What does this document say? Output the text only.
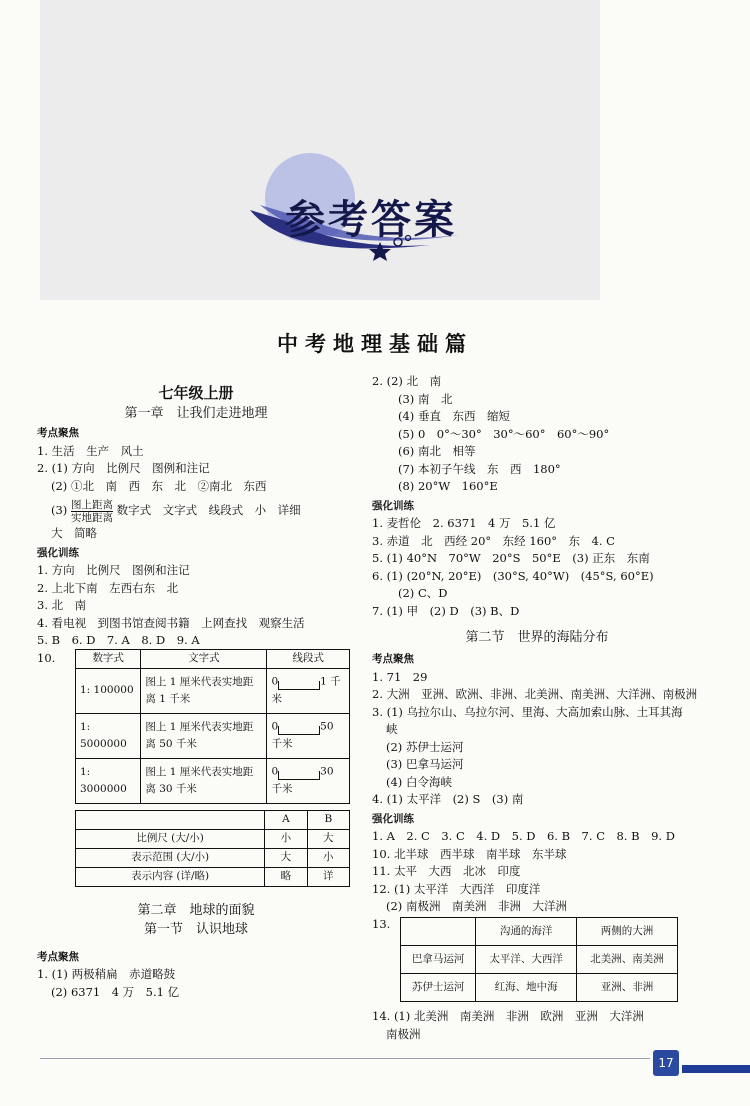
参考答案
中考地理基础篇
七年级上册
第一章　让我们走进地理
考点聚焦
1. 生活　生产　风土
2. (1) 方向　比例尺　图例和注记
(2) ①北　南　西　东　北　②南北　东西
$(3) \frac{\text{图上距离}}{\text{实地距离}}$ 数字式　文字式　线段式　小　详细
大　简略
强化训练
1. 方向　比例尺　图例和注记
2. 上北下南　左西右东　北
3. 北　南
4. 看电视　到图书馆查阅书籍　上网查找　观察生活
5. B　6. D　7. A　8. D　9. A
10.	数字式	文字式	线段式
1: 100000	图上 1 厘米代表实地距离 1 千米	0 1 千米
1: 5000000	图上 1 厘米代表实地距离 50 千米	0 50 千米
1: 3000000	图上 1 厘米代表实地距离 30 千米	0 30 千米
	A	B
比例尺 (大/小)	小	大
表示范围 (大/小)	大	小
表示内容 (详/略)	略	详
第二章　地球的面貌
第一节　认识地球
考点聚焦
1. (1) 两极稍扁　赤道略鼓
(2) 6371　4 万　5.1 亿
2. (2) 北　南
(3) 南　北
(4) 垂直　东西　缩短
(5) 0　0°～30°　30°～60°　60°～90°
(6) 南北　相等
(7) 本初子午线　东　西　180°
(8) 20°W　160°E
强化训练
1. 麦哲伦　2. 6371　4 万　5.1 亿
3. 赤道　北　西经 20°　东经 160°　东　4. C
5. (1) 40°N　70°W　20°S　50°E　(3) 正东　东南
6. (1) (20°N, 20°E)　(30°S, 40°W)　(45°S, 60°E)
(2) C、D
7. (1) 甲　(2) D　(3) B、D
第二节　世界的海陆分布
考点聚焦
1. 71　29
2. 大洲　亚洲、欧洲、非洲、北美洲、南美洲、大洋洲、南极洲
3. (1) 乌拉尔山、乌拉尔河、里海、大高加索山脉、土耳其海
峡
(2) 苏伊士运河
(3) 巴拿马运河
(4) 白令海峡
4. (1) 太平洋　(2) S　(3) 南
强化训练
1. A　2. C　3. C　4. D　5. D　6. B　7. C　8. B　9. D
10. 北半球　西半球　南半球　东半球
11. 太平　大西　北冰　印度
12. (1) 太平洋　大西洋　印度洋
(2) 南极洲　南美洲　非洲　大洋洲
13.
	沟通的海洋	两侧的大洲
巴拿马运河	太平洋、大西洋	北美洲、南美洲
苏伊士运河	红海、地中海	亚洲、非洲
14. (1) 北美洲　南美洲　非洲　欧洲　亚洲　大洋洲
南极洲
17
